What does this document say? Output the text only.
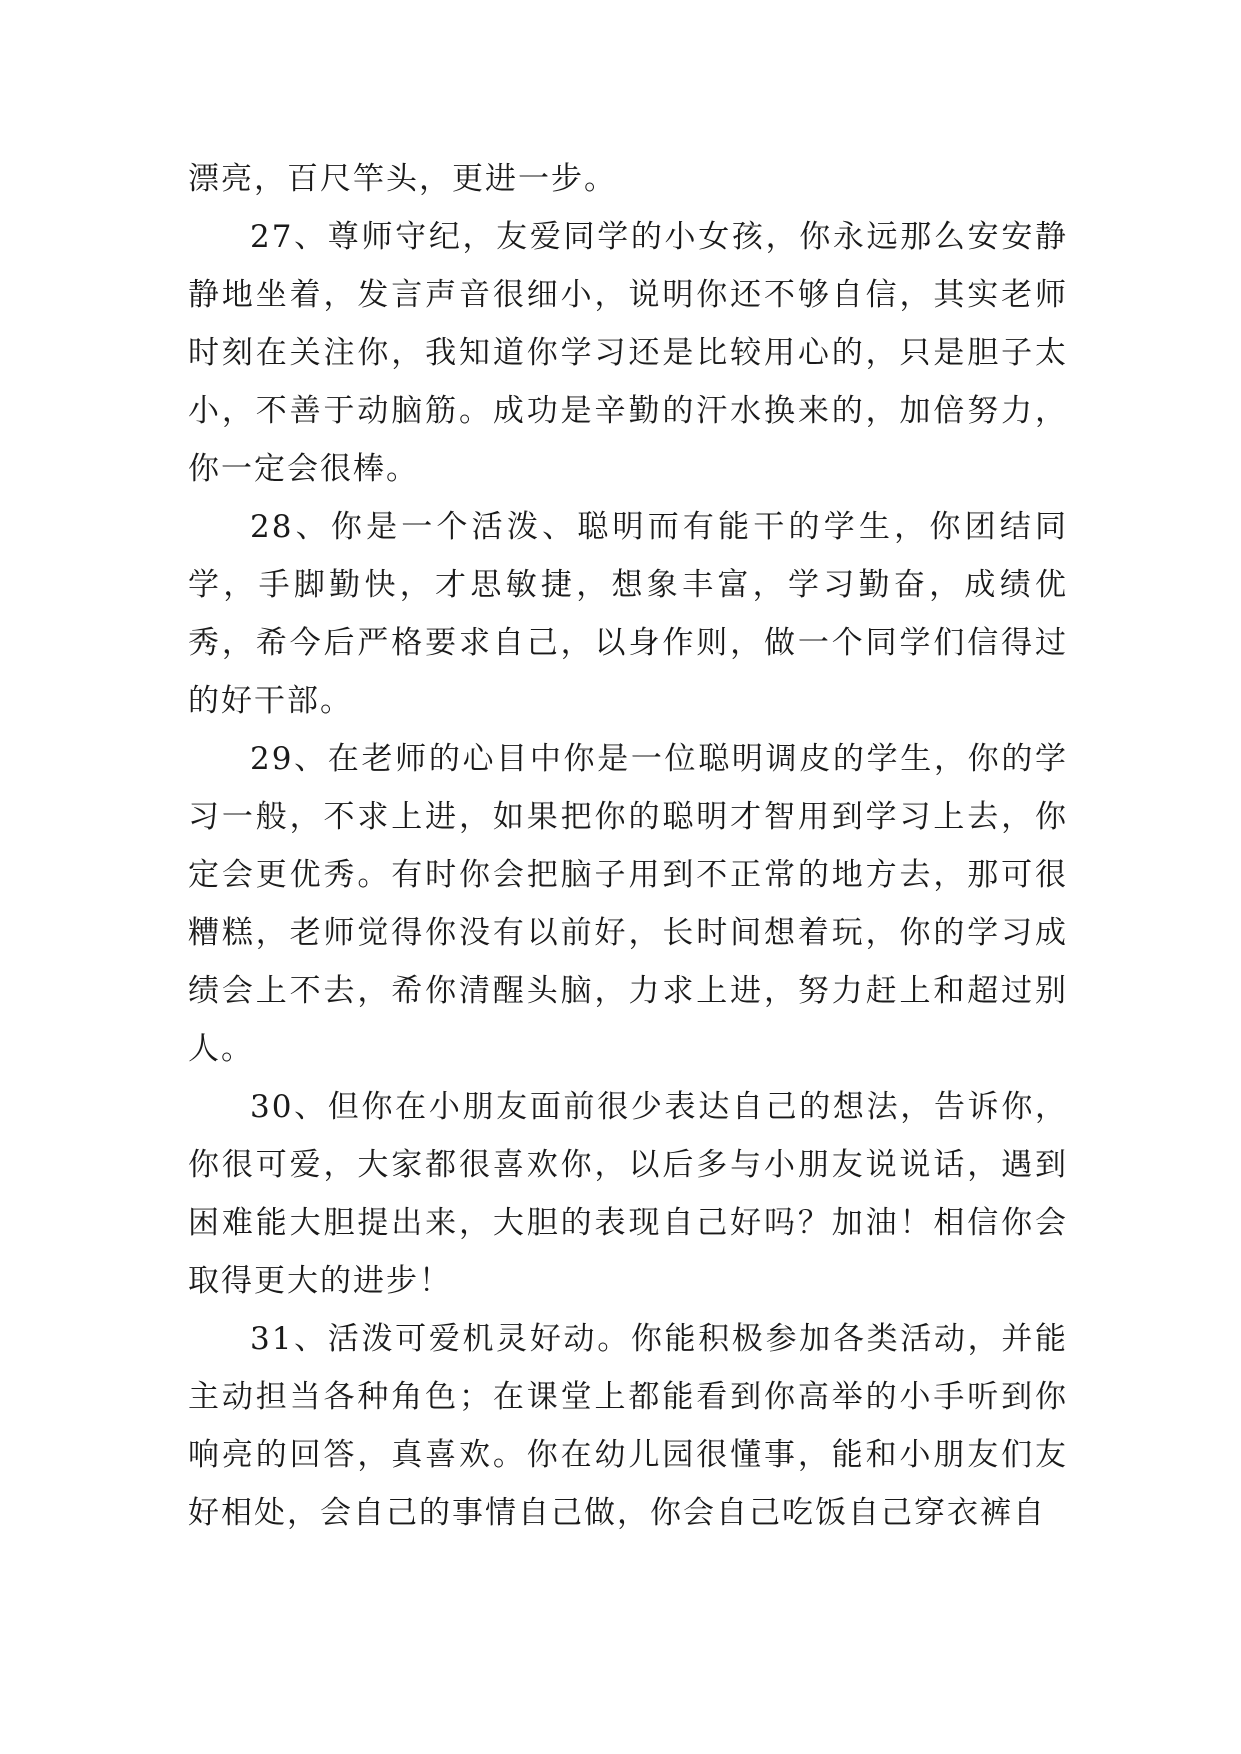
漂亮，百尺竿头，更进一步。

27、尊师守纪，友爱同学的小女孩，你永远那么安安静静地坐着，发言声音很细小，说明你还不够自信，其实老师时刻在关注你，我知道你学习还是比较用心的，只是胆子太小，不善于动脑筋。成功是辛勤的汗水换来的，加倍努力，你一定会很棒。

28、你是一个活泼、聪明而有能干的学生，你团结同学，手脚勤快，才思敏捷，想象丰富，学习勤奋，成绩优秀，希今后严格要求自己，以身作则，做一个同学们信得过的好干部。

29、在老师的心目中你是一位聪明调皮的学生，你的学习一般，不求上进，如果把你的聪明才智用到学习上去，你定会更优秀。有时你会把脑子用到不正常的地方去，那可很糟糕，老师觉得你没有以前好，长时间想着玩，你的学习成绩会上不去，希你清醒头脑，力求上进，努力赶上和超过别人。

30、但你在小朋友面前很少表达自己的想法，告诉你，你很可爱，大家都很喜欢你，以后多与小朋友说说话，遇到困难能大胆提出来，大胆的表现自己好吗？加油！相信你会取得更大的进步！

31、活泼可爱机灵好动。你能积极参加各类活动，并能主动担当各种角色；在课堂上都能看到你高举的小手听到你响亮的回答，真喜欢。你在幼儿园很懂事，能和小朋友们友好相处，会自己的事情自己做，你会自己吃饭自己穿衣裤自
